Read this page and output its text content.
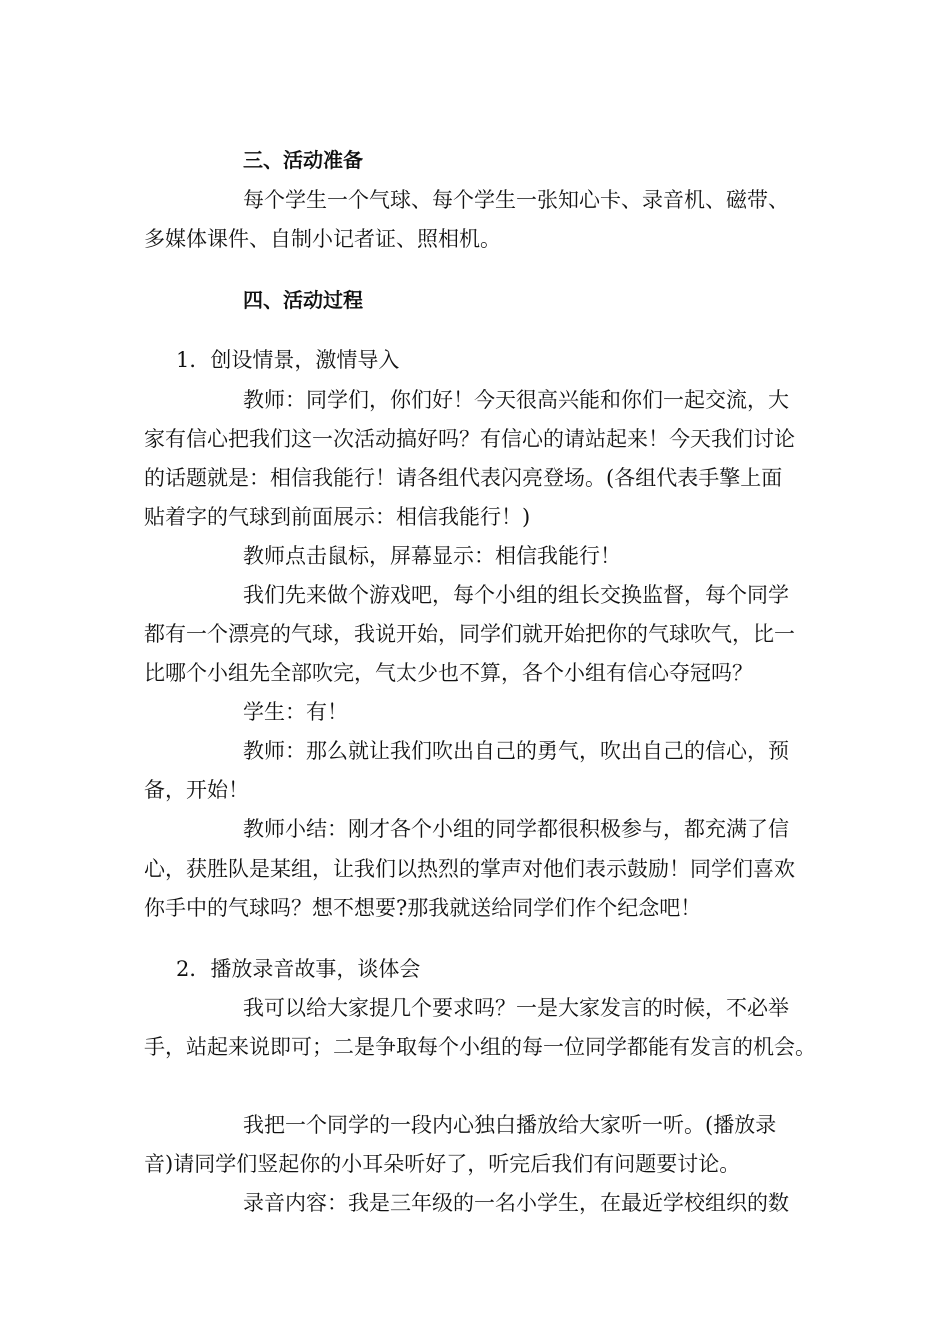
三、活动准备
每个学生一个气球、每个学生一张知心卡、录音机、磁带、
多媒体课件、自制小记者证、照相机。
四、活动过程
1．创设情景，激情导入
教师：同学们，你们好！今天很高兴能和你们一起交流，大
家有信心把我们这一次活动搞好吗？有信心的请站起来！今天我们讨论
的话题就是：相信我能行！请各组代表闪亮登场。(各组代表手擎上面
贴着字的气球到前面展示：相信我能行！)
教师点击鼠标，屏幕显示：相信我能行！
我们先来做个游戏吧，每个小组的组长交换监督，每个同学
都有一个漂亮的气球，我说开始，同学们就开始把你的气球吹气，比一
比哪个小组先全部吹完，气太少也不算，各个小组有信心夺冠吗？
学生：有！
教师：那么就让我们吹出自己的勇气，吹出自己的信心，预
备，开始！
教师小结：刚才各个小组的同学都很积极参与，都充满了信
心，获胜队是某组，让我们以热烈的掌声对他们表示鼓励！同学们喜欢
你手中的气球吗？想不想要?那我就送给同学们作个纪念吧！
2．播放录音故事，谈体会
我可以给大家提几个要求吗？一是大家发言的时候，不必举
手，站起来说即可；二是争取每个小组的每一位同学都能有发言的机会。
我把一个同学的一段内心独白播放给大家听一听。(播放录
音)请同学们竖起你的小耳朵听好了，听完后我们有问题要讨论。
录音内容：我是三年级的一名小学生，在最近学校组织的数
